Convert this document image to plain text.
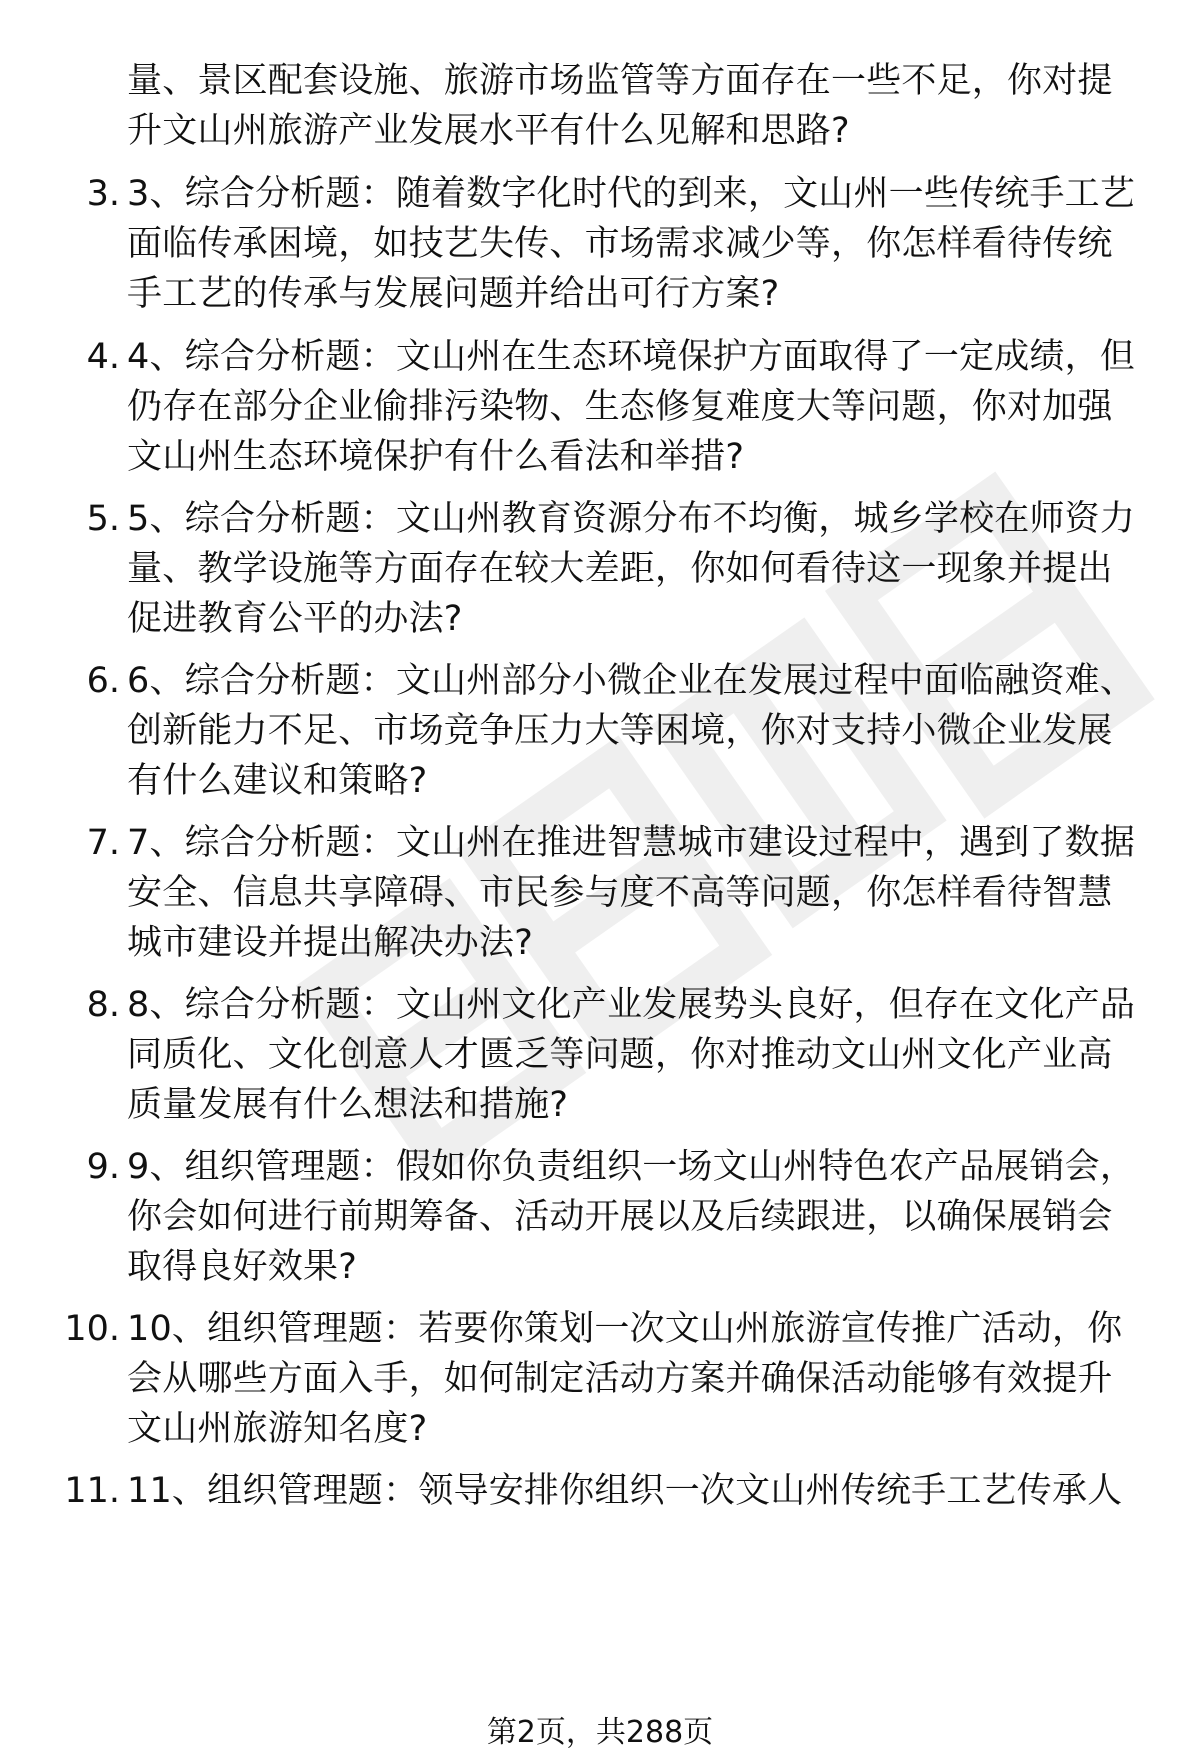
量、景区配套设施、旅游市场监管等方面存在一些不足，你对提
升文山州旅游产业发展水平有什么见解和思路?
3. 3、综合分析题：随着数字化时代的到来，文山州一些传统手工艺
面临传承困境，如技艺失传、市场需求减少等，你怎样看待传统
手工艺的传承与发展问题并给出可行方案?
4. 4、综合分析题：文山州在生态环境保护方面取得了一定成绩，但
仍存在部分企业偷排污染物、生态修复难度大等问题，你对加强
文山州生态环境保护有什么看法和举措?
5. 5、综合分析题：文山州教育资源分布不均衡，城乡学校在师资力
量、教学设施等方面存在较大差距，你如何看待这一现象并提出
促进教育公平的办法?
6. 6、综合分析题：文山州部分小微企业在发展过程中面临融资难、
创新能力不足、市场竞争压力大等困境，你对支持小微企业发展
有什么建议和策略?
7. 7、综合分析题：文山州在推进智慧城市建设过程中，遇到了数据
安全、信息共享障碍、市民参与度不高等问题，你怎样看待智慧
城市建设并提出解决办法?
8. 8、综合分析题：文山州文化产业发展势头良好，但存在文化产品
同质化、文化创意人才匮乏等问题，你对推动文山州文化产业高
质量发展有什么想法和措施?
9. 9、组织管理题：假如你负责组织一场文山州特色农产品展销会，
你会如何进行前期筹备、活动开展以及后续跟进，以确保展销会
取得良好效果?
10. 10、组织管理题：若要你策划一次文山州旅游宣传推广活动，你
会从哪些方面入手，如何制定活动方案并确保活动能够有效提升
文山州旅游知名度?
11. 11、组织管理题：领导安排你组织一次文山州传统手工艺传承人
第2页，共288页
